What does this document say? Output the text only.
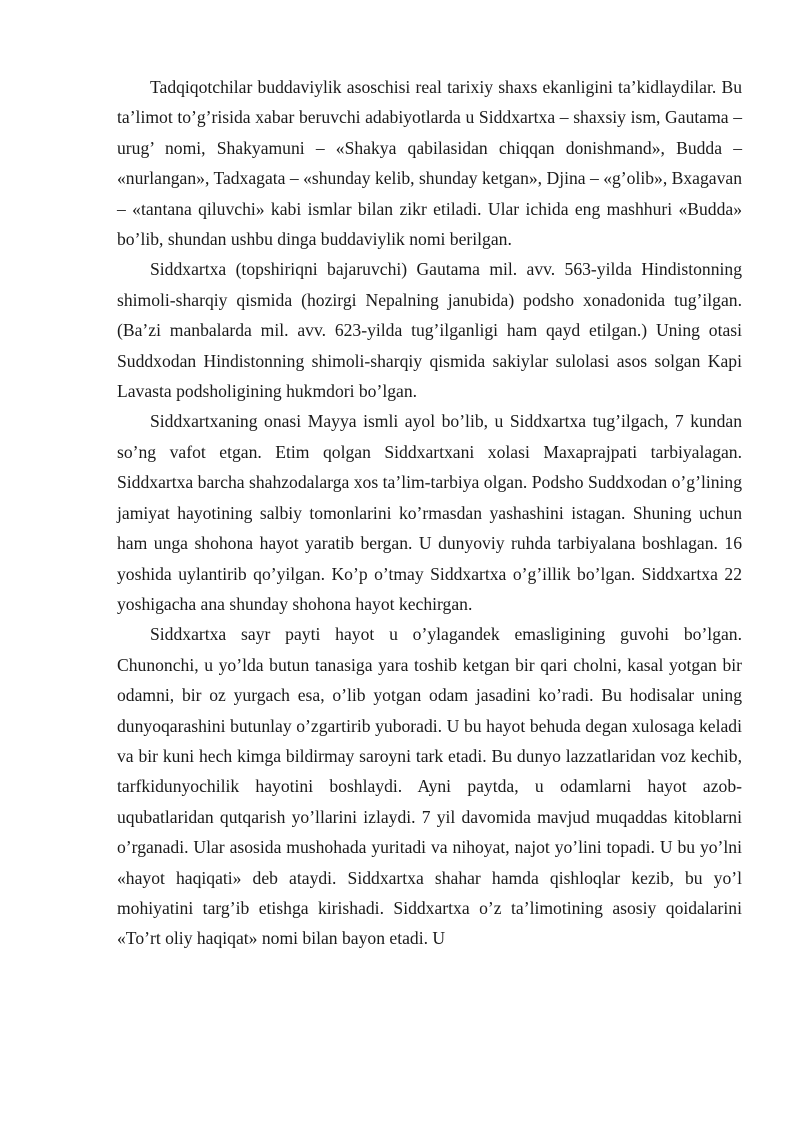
Tadqiqotchilar buddaviylik asoschisi real tarixiy shaxs ekanligini ta’kidlaydilar. Bu ta’limot to’g’risida xabar beruvchi adabiyotlarda u Siddxartxa – shaxsiy ism, Gautama – urug’ nomi, Shakyamuni – «Shakya qabilasidan chiqqan donishmand», Budda – «nurlangan», Tadxagata – «shunday kelib, shunday ketgan», Djina – «g’olib», Bxagavan – «tantana qiluvchi» kabi ismlar bilan zikr etiladi. Ular ichida eng mashhuri «Budda» bo’lib, shundan ushbu dinga buddaviylik nomi berilgan.

Siddxartxa (topshiriqni bajaruvchi) Gautama mil. avv. 563-yilda Hindistonning shimoli-sharqiy qismida (hozirgi Nepalning janubida) podsho xonadonida tug’ilgan. (Ba’zi manbalarda mil. avv. 623-yilda tug’ilganligi ham qayd etilgan.) Uning otasi Suddxodan Hindistonning shimoli-sharqiy qismida sakiylar sulolasi asos solgan Kapi Lavasta podsholigining hukmdori bo’lgan.

Siddxartxaning onasi Mayya ismli ayol bo’lib, u Siddxartxa tug’ilgach, 7 kundan so’ng vafot etgan. Etim qolgan Siddxartxani xolasi Maxaprajpati tarbiyalagan. Siddxartxa barcha shahzodalarga xos ta’lim-tarbiya olgan. Podsho Suddxodan o’g’lining jamiyat hayotining salbiy tomonlarini ko’rmasdan yashashini istagan. Shuning uchun ham unga shohona hayot yaratib bergan. U dunyoviy ruhda tarbiyalana boshlagan. 16 yoshida uylantirib qo’yilgan. Ko’p o’tmay Siddxartxa o’g’illik bo’lgan. Siddxartxa 22 yoshigacha ana shunday shohona hayot kechirgan.

Siddxartxa sayr payti hayot u o’ylagandek emasligining guvohi bo’lgan. Chunonchi, u yo’lda butun tanasiga yara toshib ketgan bir qari cholni, kasal yotgan bir odamni, bir oz yurgach esa, o’lib yotgan odam jasadini ko’radi. Bu hodisalar uning dunyoqarashini butunlay o’zgartirib yuboradi. U bu hayot behuda degan xulosaga keladi va bir kuni hech kimga bildirmay saroyni tark etadi. Bu dunyo lazzatlaridan voz kechib, tarfkidunyochilik hayotini boshlaydi. Ayni paytda, u odamlarni hayot azob-uqubatlaridan qutqarish yo’llarini izlaydi. 7 yil davomida mavjud muqaddas kitoblarni o’rganadi. Ular asosida mushohada yuritadi va nihoyat, najot yo’lini topadi. U bu yo’lni «hayot haqiqati» deb ataydi. Siddxartxa shahar hamda qishloqlar kezib, bu yo’l mohiyatini targ’ib etishga kirishadi. Siddxartxa o’z ta’limotining asosiy qoidalarini «To’rt oliy haqiqat» nomi bilan bayon etadi. U
